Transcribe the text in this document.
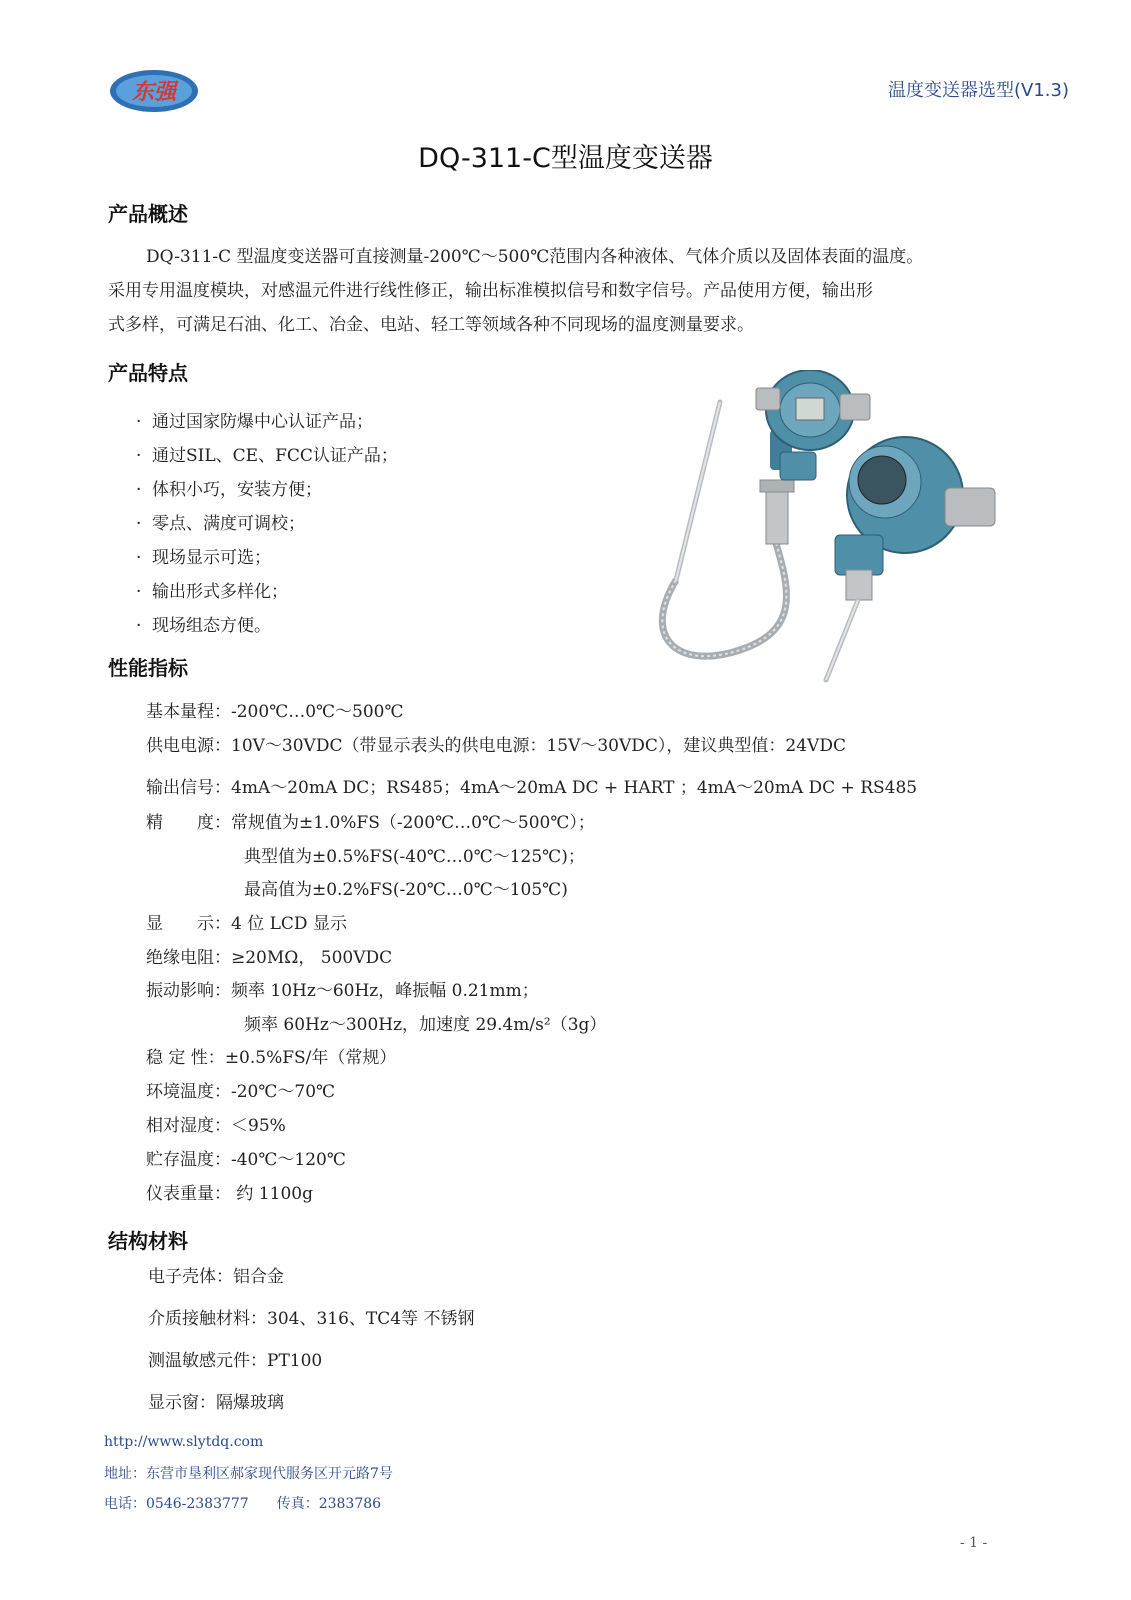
东强	温度变送器选型(V1.3)
DQ-311-C型温度变送器
产品概述
DQ-311-C 型温度变送器可直接测量-200℃～500℃范围内各种液体、气体介质以及固体表面的温度。
采用专用温度模块，对感温元件进行线性修正，输出标准模拟信号和数字信号。产品使用方便，输出形
式多样，可满足石油、化工、冶金、电站、轻工等领域各种不同现场的温度测量要求。
产品特点
· 通过国家防爆中心认证产品；
· 通过SIL、CE、FCC认证产品；
· 体积小巧，安装方便；
· 零点、满度可调校；
· 现场显示可选；
· 输出形式多样化；
· 现场组态方便。
性能指标
基本量程：-200℃…0℃～500℃
供电电源：10V～30VDC（带显示表头的供电电源：15V～30VDC），建议典型值：24VDC
输出信号：4mA～20mA DC；RS485；4mA～20mA DC + HART ；4mA～20mA DC + RS485
精　　度：常规值为±1.0%FS（-200℃…0℃～500℃）；
典型值为±0.5%FS(-40℃…0℃～125℃)；
最高值为±0.2%FS(-20℃…0℃～105℃)
显　　示：4 位 LCD 显示
绝缘电阻：≥20MΩ， 500VDC
振动影响：频率 10Hz～60Hz，峰振幅 0.21mm；
频率 60Hz～300Hz，加速度 29.4m/s²（3g）
稳 定 性：±0.5%FS/年（常规）
环境温度：-20℃～70℃
相对湿度：＜95%
贮存温度：-40℃～120℃
仪表重量： 约 1100g
结构材料
电子壳体：铝合金
介质接触材料：304、316、TC4等 不锈钢
测温敏感元件：PT100
显示窗：隔爆玻璃
http://www.slytdq.com
地址：东营市垦利区郝家现代服务区开元路7号
电话：0546-2383777　　传真：2383786
- 1 -
